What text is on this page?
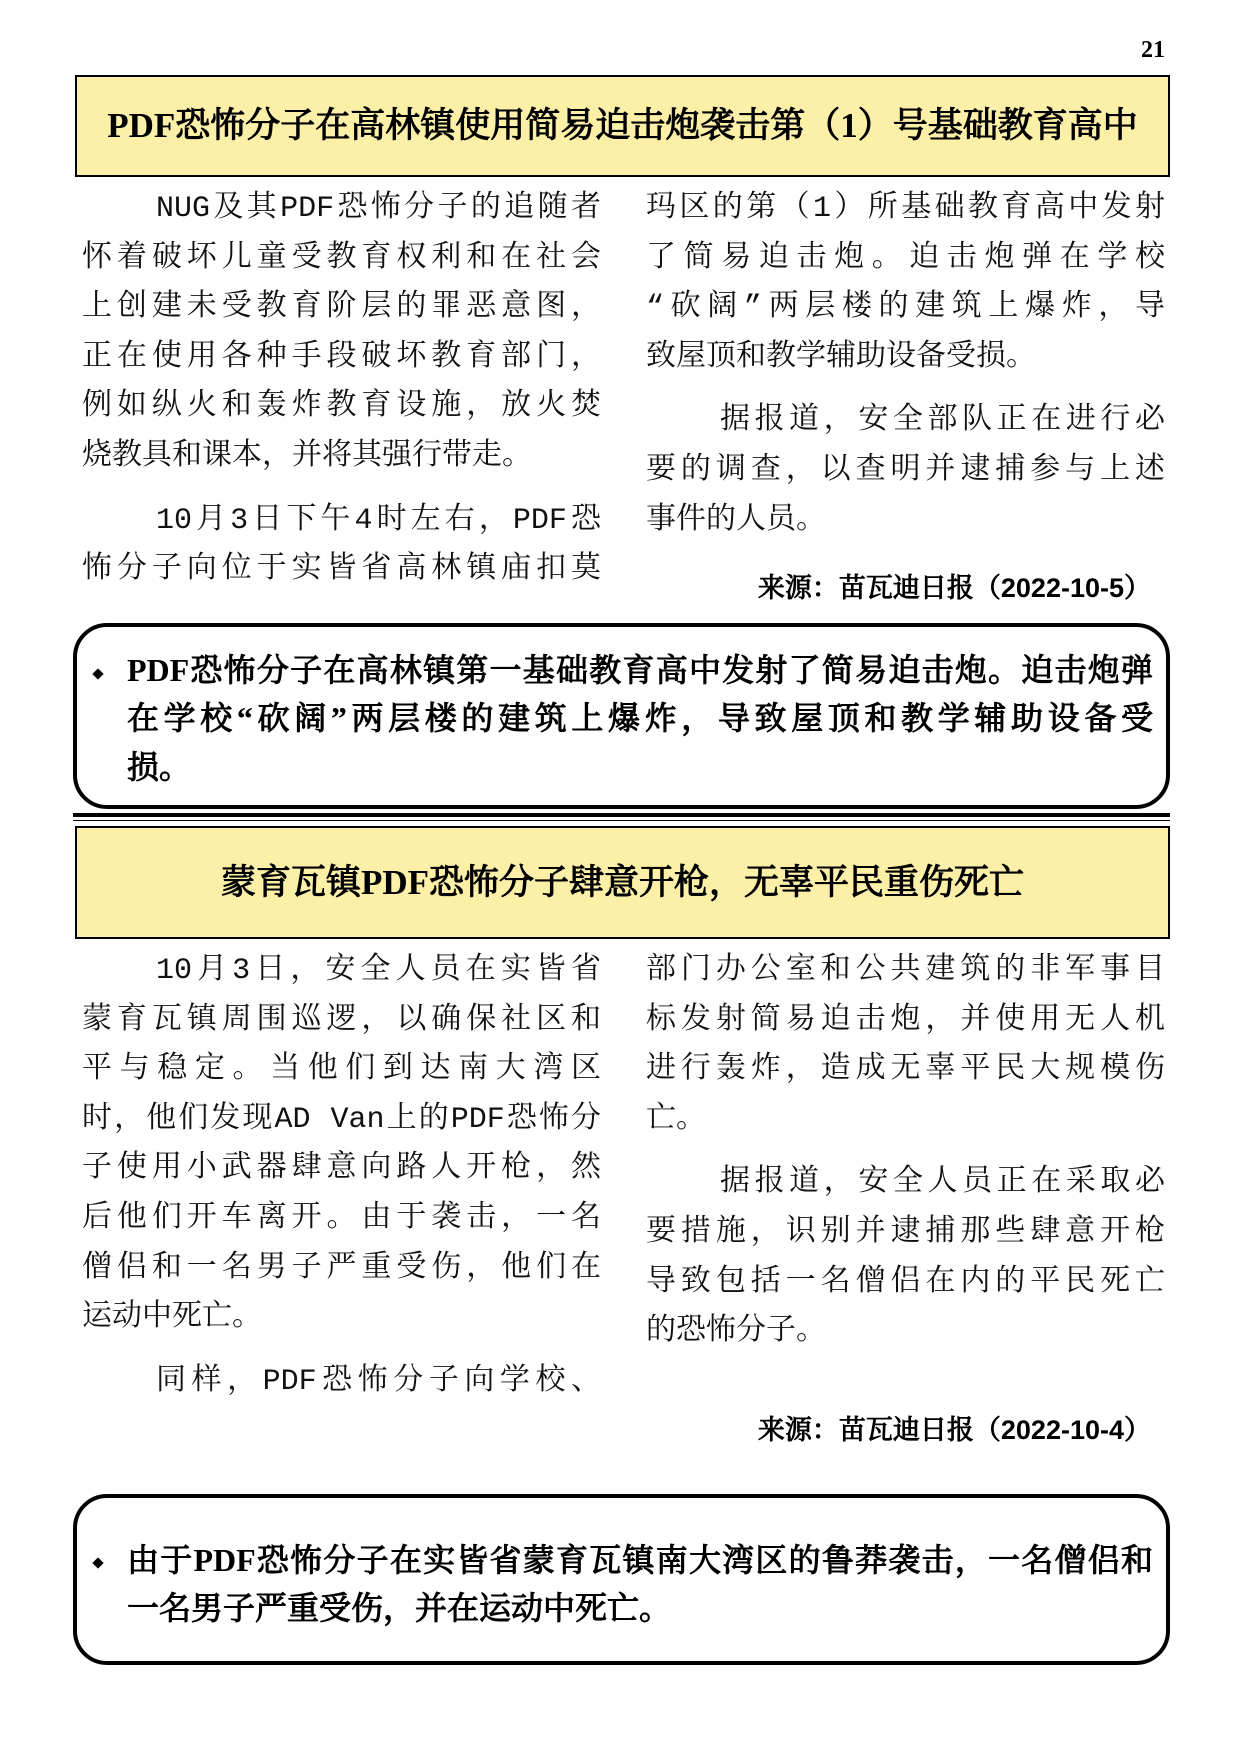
21
PDF恐怖分子在高林镇使用简易迫击炮袭击第（1）号基础教育高中
NUG及其PDF恐怖分子的追随者
怀着破坏儿童受教育权利和在社会
上创建未受教育阶层的罪恶意图，
正在使用各种手段破坏教育部门，
例如纵火和轰炸教育设施，放火焚
烧教具和课本，并将其强行带走。
10月3日下午4时左右，PDF恐
怖分子向位于实皆省高林镇庙扣莫
玛区的第（1）所基础教育高中发射
了简易迫击炮。迫击炮弹在学校
“砍阔”两层楼的建筑上爆炸，导
致屋顶和教学辅助设备受损。
据报道，安全部队正在进行必
要的调查，以查明并逮捕参与上述
事件的人员。
来源：苗瓦迪日报（2022-10-5）
PDF恐怖分子在高林镇第一基础教育高中发射了简易迫击炮。迫击炮弹
在学校“砍阔”两层楼的建筑上爆炸，导致屋顶和教学辅助设备受
损。
蒙育瓦镇PDF恐怖分子肆意开枪，无辜平民重伤死亡
10月3日，安全人员在实皆省
蒙育瓦镇周围巡逻，以确保社区和
平与稳定。当他们到达南大湾区
时，他们发现AD Van上的PDF恐怖分
子使用小武器肆意向路人开枪，然
后他们开车离开。由于袭击，一名
僧侣和一名男子严重受伤，他们在
运动中死亡。
同样，PDF恐怖分子向学校、
部门办公室和公共建筑的非军事目
标发射简易迫击炮，并使用无人机
进行轰炸，造成无辜平民大规模伤
亡。
据报道，安全人员正在采取必
要措施，识别并逮捕那些肆意开枪
导致包括一名僧侣在内的平民死亡
的恐怖分子。
来源：苗瓦迪日报（2022-10-4）
由于PDF恐怖分子在实皆省蒙育瓦镇南大湾区的鲁莽袭击，一名僧侣和
一名男子严重受伤，并在运动中死亡。
